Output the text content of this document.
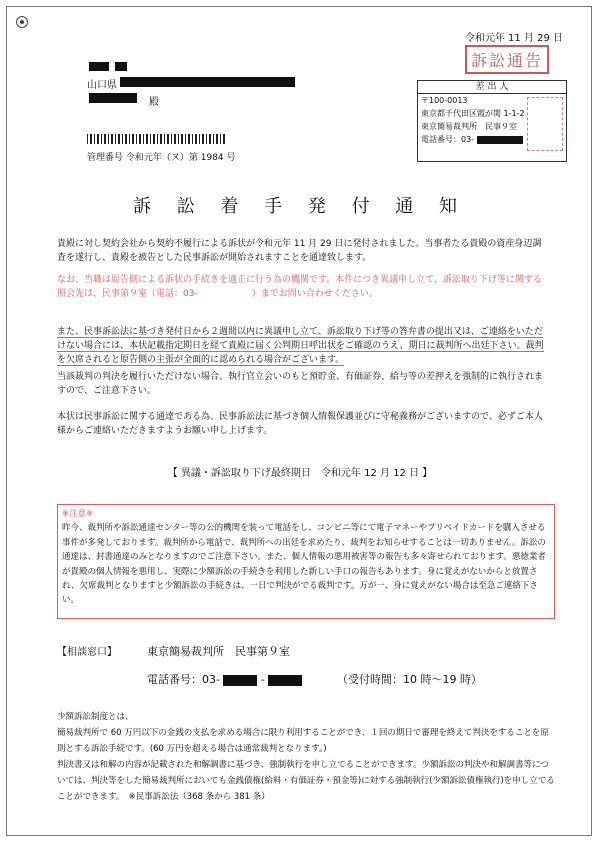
令和元年 11 月 29 日
訴訟通告
山口県
殿
管理番号 令和元年（ヌ）第 1984 号
差 出 人
〒100-0013
東京都千代田区霞が関 1-1-2
東京簡易裁判所　民事９室
電話番号：03-
訴 訟 着 手 発 付 通 知
貴殿に対し契約会社から契約不履行による訴状が令和元年 11 月 29 日に発付されました。当事者たる貴殿の資産身辺調査を遂行し、貴殿を被告とした民事訴訟が開始されますことを通達致します。
なお、当職は原告側による訴状の手続きを適正に行う為の機関です。本件につき異議申し立て、訴訟取り下げ等に関する照会先は、民事第９室（電話：03-　　　　　　）までお問い合わせください。
また、民事訴訟法に基づき発付日から２週間以内に異議申し立て、訴訟取り下げ等の答弁書の提出又は、ご連絡をいただけない場合には、本状記載指定期日を経て貴殿に届く公判期日呼出状をご確認のうえ、期日に裁判所へ出廷下さい。裁判を欠席されると原告側の主張が全面的に認められる場合がございます。
当該裁判の判決を履行いただけない場合、執行官立会いのもと預貯金、有価証券、給与等の差押えを強制的に執行されますので、ご注意下さい。
本状は民事訴訟に関する通達である為、民事訴訟法に基づき個人情報保護並びに守秘義務がございますので、必ずご本人様からご連絡いただきますようお願い申し上げます。
【 異議・訴訟取り下げ最終期日　令和元年 12 月 12 日 】
※注意※
昨今、裁判所や訴訟通達センター等の公的機関を装って電話をし、コンビニ等にて電子マネーやプリペイドカードを購入させる事件が多発しております。裁判所から電話で、裁判所への出廷を求めたり、裁判をお知らせすることは一切ありません。訴訟の通達は、封書通達のみとなりますのでご注意下さい。また、個人情報の悪用被害等の報告も多々寄せられております。悪徳業者が貴殿の個人情報を悪用し、実際に少額訴訟の手続きを利用した新しい手口の報告もあります。身に覚えがないからと放置され、欠席裁判となりますと少額訴訟の手続きは、一日で判決がでる裁判です。万が一、身に覚えがない場合は至急ご連絡下さい。
【相談窓口】	東京簡易裁判所　民事第９室
電話番号：03-	-	（受付時間：10 時～19 時）
少額訴訟制度とは、
簡易裁判所で 60 万円以下の金銭の支払を求める場合に限り利用することができ、１回の期日で審理を終えて判決をすることを原則とする訴訟手続です。(60 万円を超える場合は通常裁判となります。)
判決書又は和解の内容が記載された和解調書に基づき、強制執行を申し立てることができます。少額訴訟の判決や和解調書等については、判決等をした簡易裁判所においても金銭債権(給料・有価証券・預金等)に対する強制執行(少額訴訟債権執行)を申し立てることができます。　※民事訴訟法（368 条から 381 条）
